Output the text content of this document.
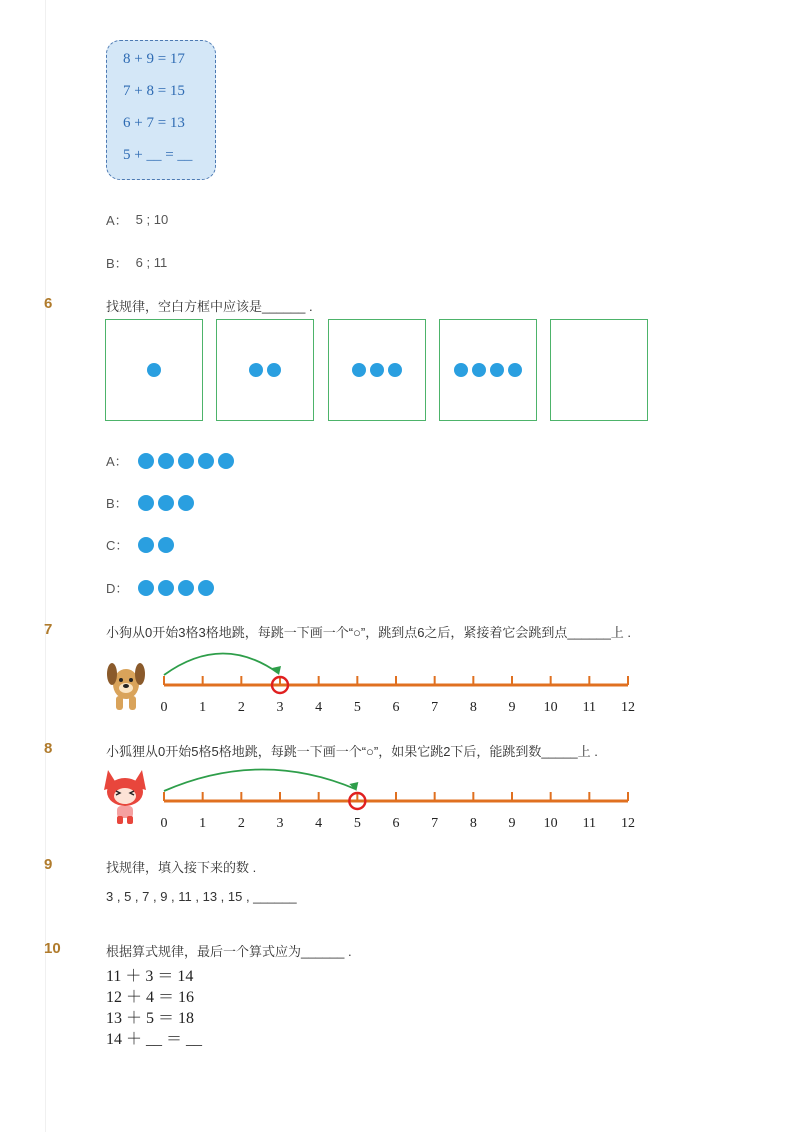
8 + 9 = 17
7 + 8 = 15
6 + 7 = 13
5 + __ = __
A： 5 ; 10
B： 6 ; 11
6	找规律，空白方框中应该是______ .
A：
B：
C：
D：
7	小狗从0开始3格3格地跳，每跳一下画一个“○”，跳到点6之后，紧接着它会跳到点______上 .
0 1 2 3 4 5 6 7 8 9 10 11 12
8	小狐狸从0开始5格5格地跳，每跳一下画一个“○”，如果它跳2下后，能跳到数_____上 .
0 1 2 3 4 5 6 7 8 9 10 11 12
9	找规律，填入接下来的数 .
3 , 5 , 7 , 9 , 11 , 13 , 15 , ______
10	根据算式规律，最后一个算式应为______ .
11 ＋ 3 ＝ 14
12 ＋ 4 ＝ 16
13 ＋ 5 ＝ 18
14 ＋ __ ＝ __
